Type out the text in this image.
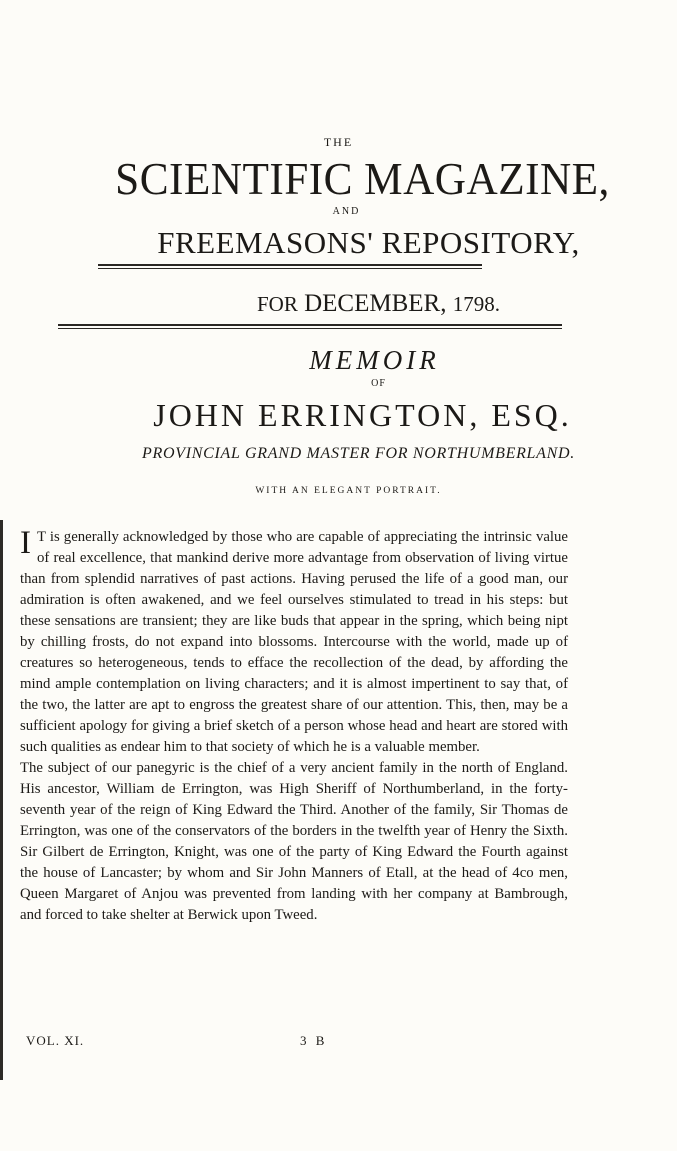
THE
SCIENTIFIC MAGAZINE,
AND
FREEMASONS' REPOSITORY,
FOR DECEMBER, 1798.
MEMOIR
OF
JOHN ERRINGTON, ESQ.
PROVINCIAL GRAND MASTER FOR NORTHUMBERLAND.
WITH AN ELEGANT PORTRAIT.

I T is generally acknowledged by those who are capable of appreciating the intrinsic value of real excellence, that mankind derive more advantage from observation of living virtue than from splendid narratives of past actions. Having perused the life of a good man, our admiration is often awakened, and we feel ourselves stimulated to tread in his steps: but these sensations are transient; they are like buds that appear in the spring, which being nipt by chilling frosts, do not expand into blossoms. Intercourse with the world, made up of creatures so heterogeneous, tends to efface the recollection of the dead, by affording the mind ample contemplation on living characters; and it is almost impertinent to say that, of the two, the latter are apt to engross the greatest share of our attention. This, then, may be a sufficient apology for giving a brief sketch of a person whose head and heart are stored with such qualities as endear him to that society of which he is a valuable member.

The subject of our panegyric is the chief of a very ancient family in the north of England. His ancestor, William de Errington, was High Sheriff of Northumberland, in the forty-seventh year of the reign of King Edward the Third. Another of the family, Sir Thomas de Errington, was one of the conservators of the borders in the twelfth year of Henry the Sixth. Sir Gilbert de Errington, Knight, was one of the party of King Edward the Fourth against the house of Lancaster; by whom and Sir John Manners of Etall, at the head of 4co men, Queen Margaret of Anjou was prevented from landing with her company at Bambrough, and forced to take shelter at Berwick upon Tweed.

VOL. XI.	3 B
